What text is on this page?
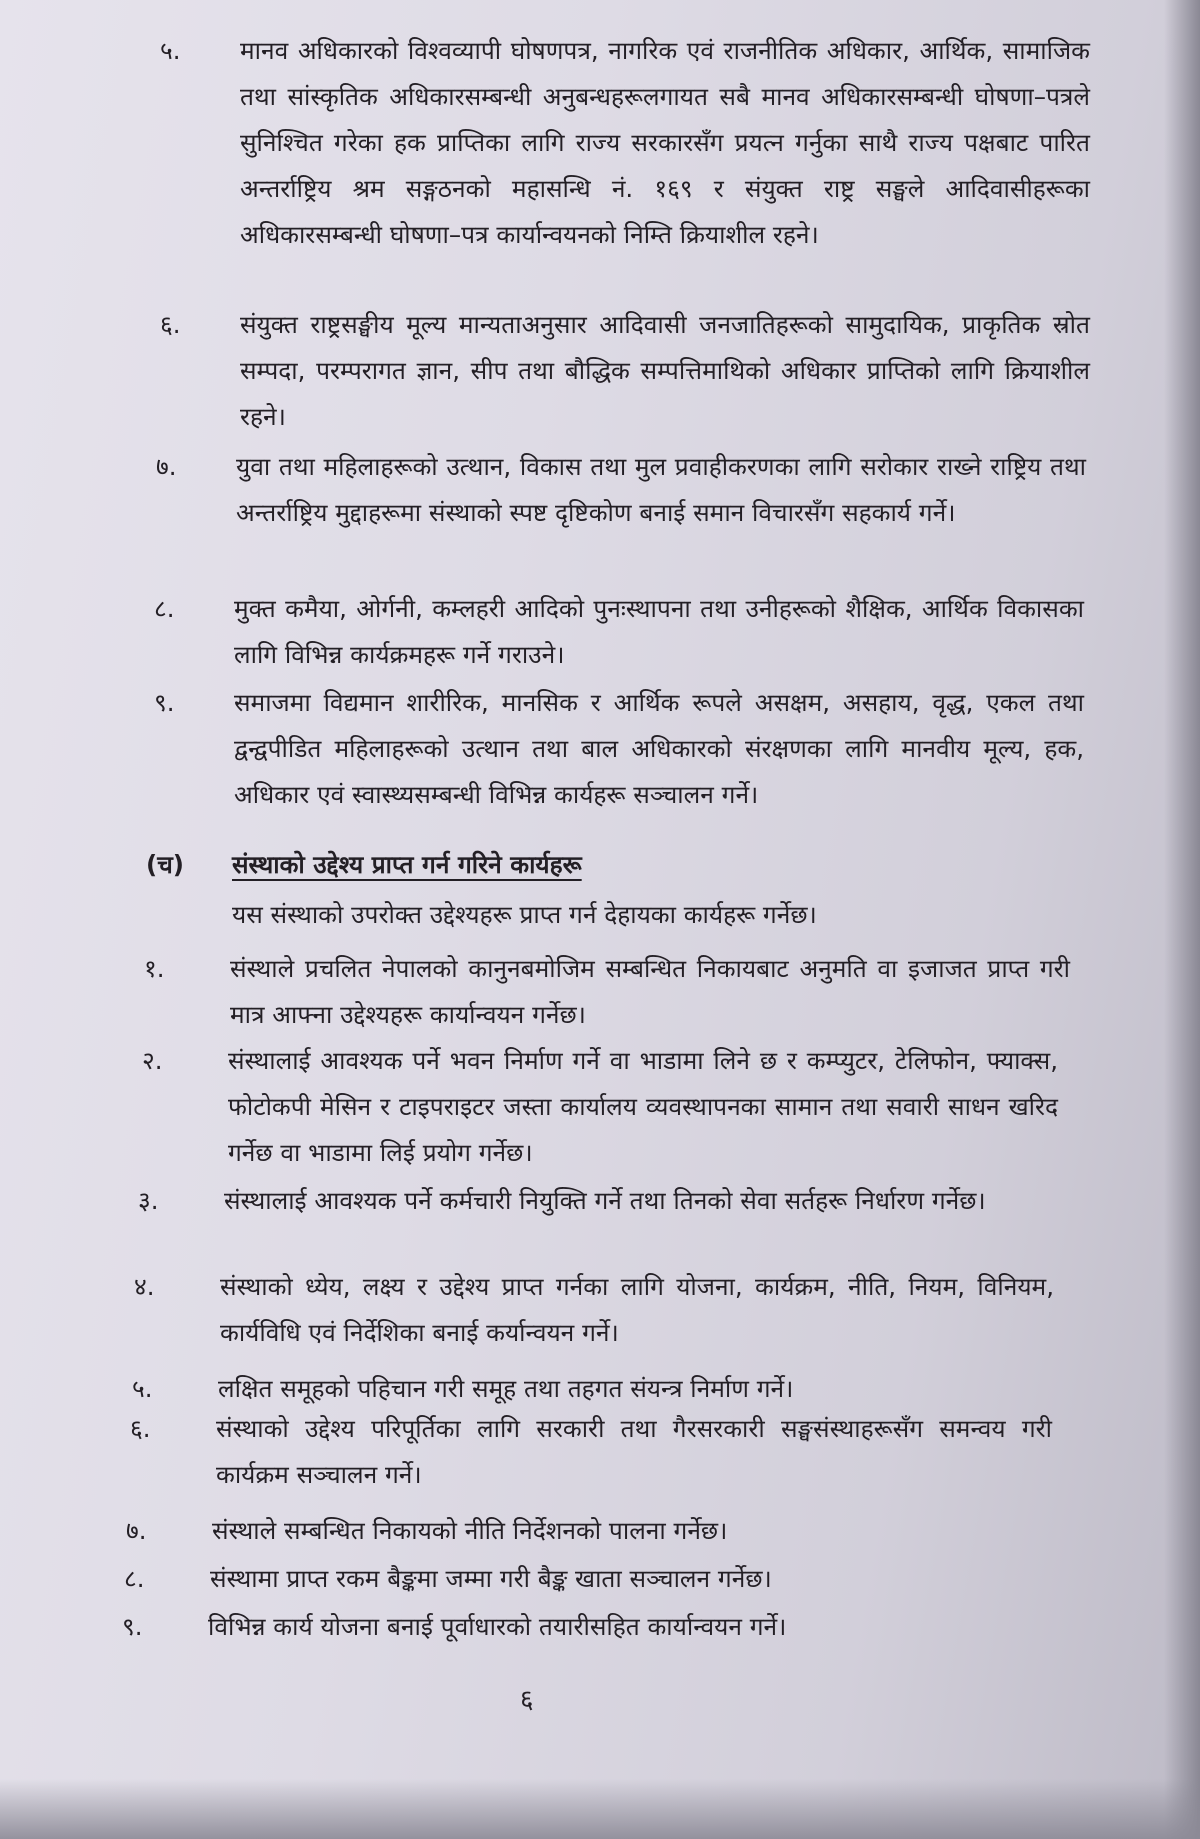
५.	मानव अधिकारको विश्वव्यापी घोषणपत्र, नागरिक एवं राजनीतिक अधिकार, आर्थिक, सामाजिक तथा सांस्कृतिक अधिकारसम्बन्धी अनुबन्धहरूलगायत सबै मानव अधिकारसम्बन्धी घोषणा–पत्रले सुनिश्चित गरेका हक प्राप्तिका लागि राज्य सरकारसँग प्रयत्न गर्नुका साथै राज्य पक्षबाट पारित अन्तर्राष्ट्रिय श्रम सङ्गठनको महासन्धि नं. १६९ र संयुक्त राष्ट्र सङ्घले आदिवासीहरूका अधिकारसम्बन्धी घोषणा–पत्र कार्यान्वयनको निम्ति क्रियाशील रहने।
६.	संयुक्त राष्ट्रसङ्घीय मूल्य मान्यताअनुसार आदिवासी जनजातिहरूको सामुदायिक, प्राकृतिक स्रोत सम्पदा, परम्परागत ज्ञान, सीप तथा बौद्धिक सम्पत्तिमाथिको अधिकार प्राप्तिको लागि क्रियाशील रहने।
७.	युवा तथा महिलाहरूको उत्थान, विकास तथा मुल प्रवाहीकरणका लागि सरोकार राख्ने राष्ट्रिय तथा अन्तर्राष्ट्रिय मुद्दाहरूमा संस्थाको स्पष्ट दृष्टिकोण बनाई समान विचारसँग सहकार्य गर्ने।
८.	मुक्त कमैया, ओर्गनी, कम्लहरी आदिको पुनःस्थापना तथा उनीहरूको शैक्षिक, आर्थिक विकासका लागि विभिन्न कार्यक्रमहरू गर्ने गराउने।
९.	समाजमा विद्यमान शारीरिक, मानसिक र आर्थिक रूपले असक्षम, असहाय, वृद्ध, एकल तथा द्वन्द्वपीडित महिलाहरूको उत्थान तथा बाल अधिकारको संरक्षणका लागि मानवीय मूल्य, हक, अधिकार एवं स्वास्थ्यसम्बन्धी विभिन्न कार्यहरू सञ्चालन गर्ने।
(च)	संस्थाको उद्देश्य प्राप्त गर्न गरिने कार्यहरू
यस संस्थाको उपरोक्त उद्देश्यहरू प्राप्त गर्न देहायका कार्यहरू गर्नेछ।
१.	संस्थाले प्रचलित नेपालको कानुनबमोजिम सम्बन्धित निकायबाट अनुमति वा इजाजत प्राप्त गरी मात्र आफ्ना उद्देश्यहरू कार्यान्वयन गर्नेछ।
२.	संस्थालाई आवश्यक पर्ने भवन निर्माण गर्ने वा भाडामा लिने छ र कम्प्युटर, टेलिफोन, फ्याक्स, फोटोकपी मेसिन र टाइपराइटर जस्ता कार्यालय व्यवस्थापनका सामान तथा सवारी साधन खरिद गर्नेछ वा भाडामा लिई प्रयोग गर्नेछ।
३.	संस्थालाई आवश्यक पर्ने कर्मचारी नियुक्ति गर्ने तथा तिनको सेवा सर्तहरू निर्धारण गर्नेछ।
४.	संस्थाको ध्येय, लक्ष्य र उद्देश्य प्राप्त गर्नका लागि योजना, कार्यक्रम, नीति, नियम, विनियम, कार्यविधि एवं निर्देशिका बनाई कर्यान्वयन गर्ने।
५.	लक्षित समूहको पहिचान गरी समूह तथा तहगत संयन्त्र निर्माण गर्ने।
६.	संस्थाको उद्देश्य परिपूर्तिका लागि सरकारी तथा गैरसरकारी सङ्घसंस्थाहरूसँग समन्वय गरी कार्यक्रम सञ्चालन गर्ने।
७.	संस्थाले सम्बन्धित निकायको नीति निर्देशनको पालना गर्नेछ।
८.	संस्थामा प्राप्त रकम बैङ्कमा जम्मा गरी बैङ्क खाता सञ्चालन गर्नेछ।
९.	विभिन्न कार्य योजना बनाई पूर्वाधारको तयारीसहित कार्यान्वयन गर्ने।
६
